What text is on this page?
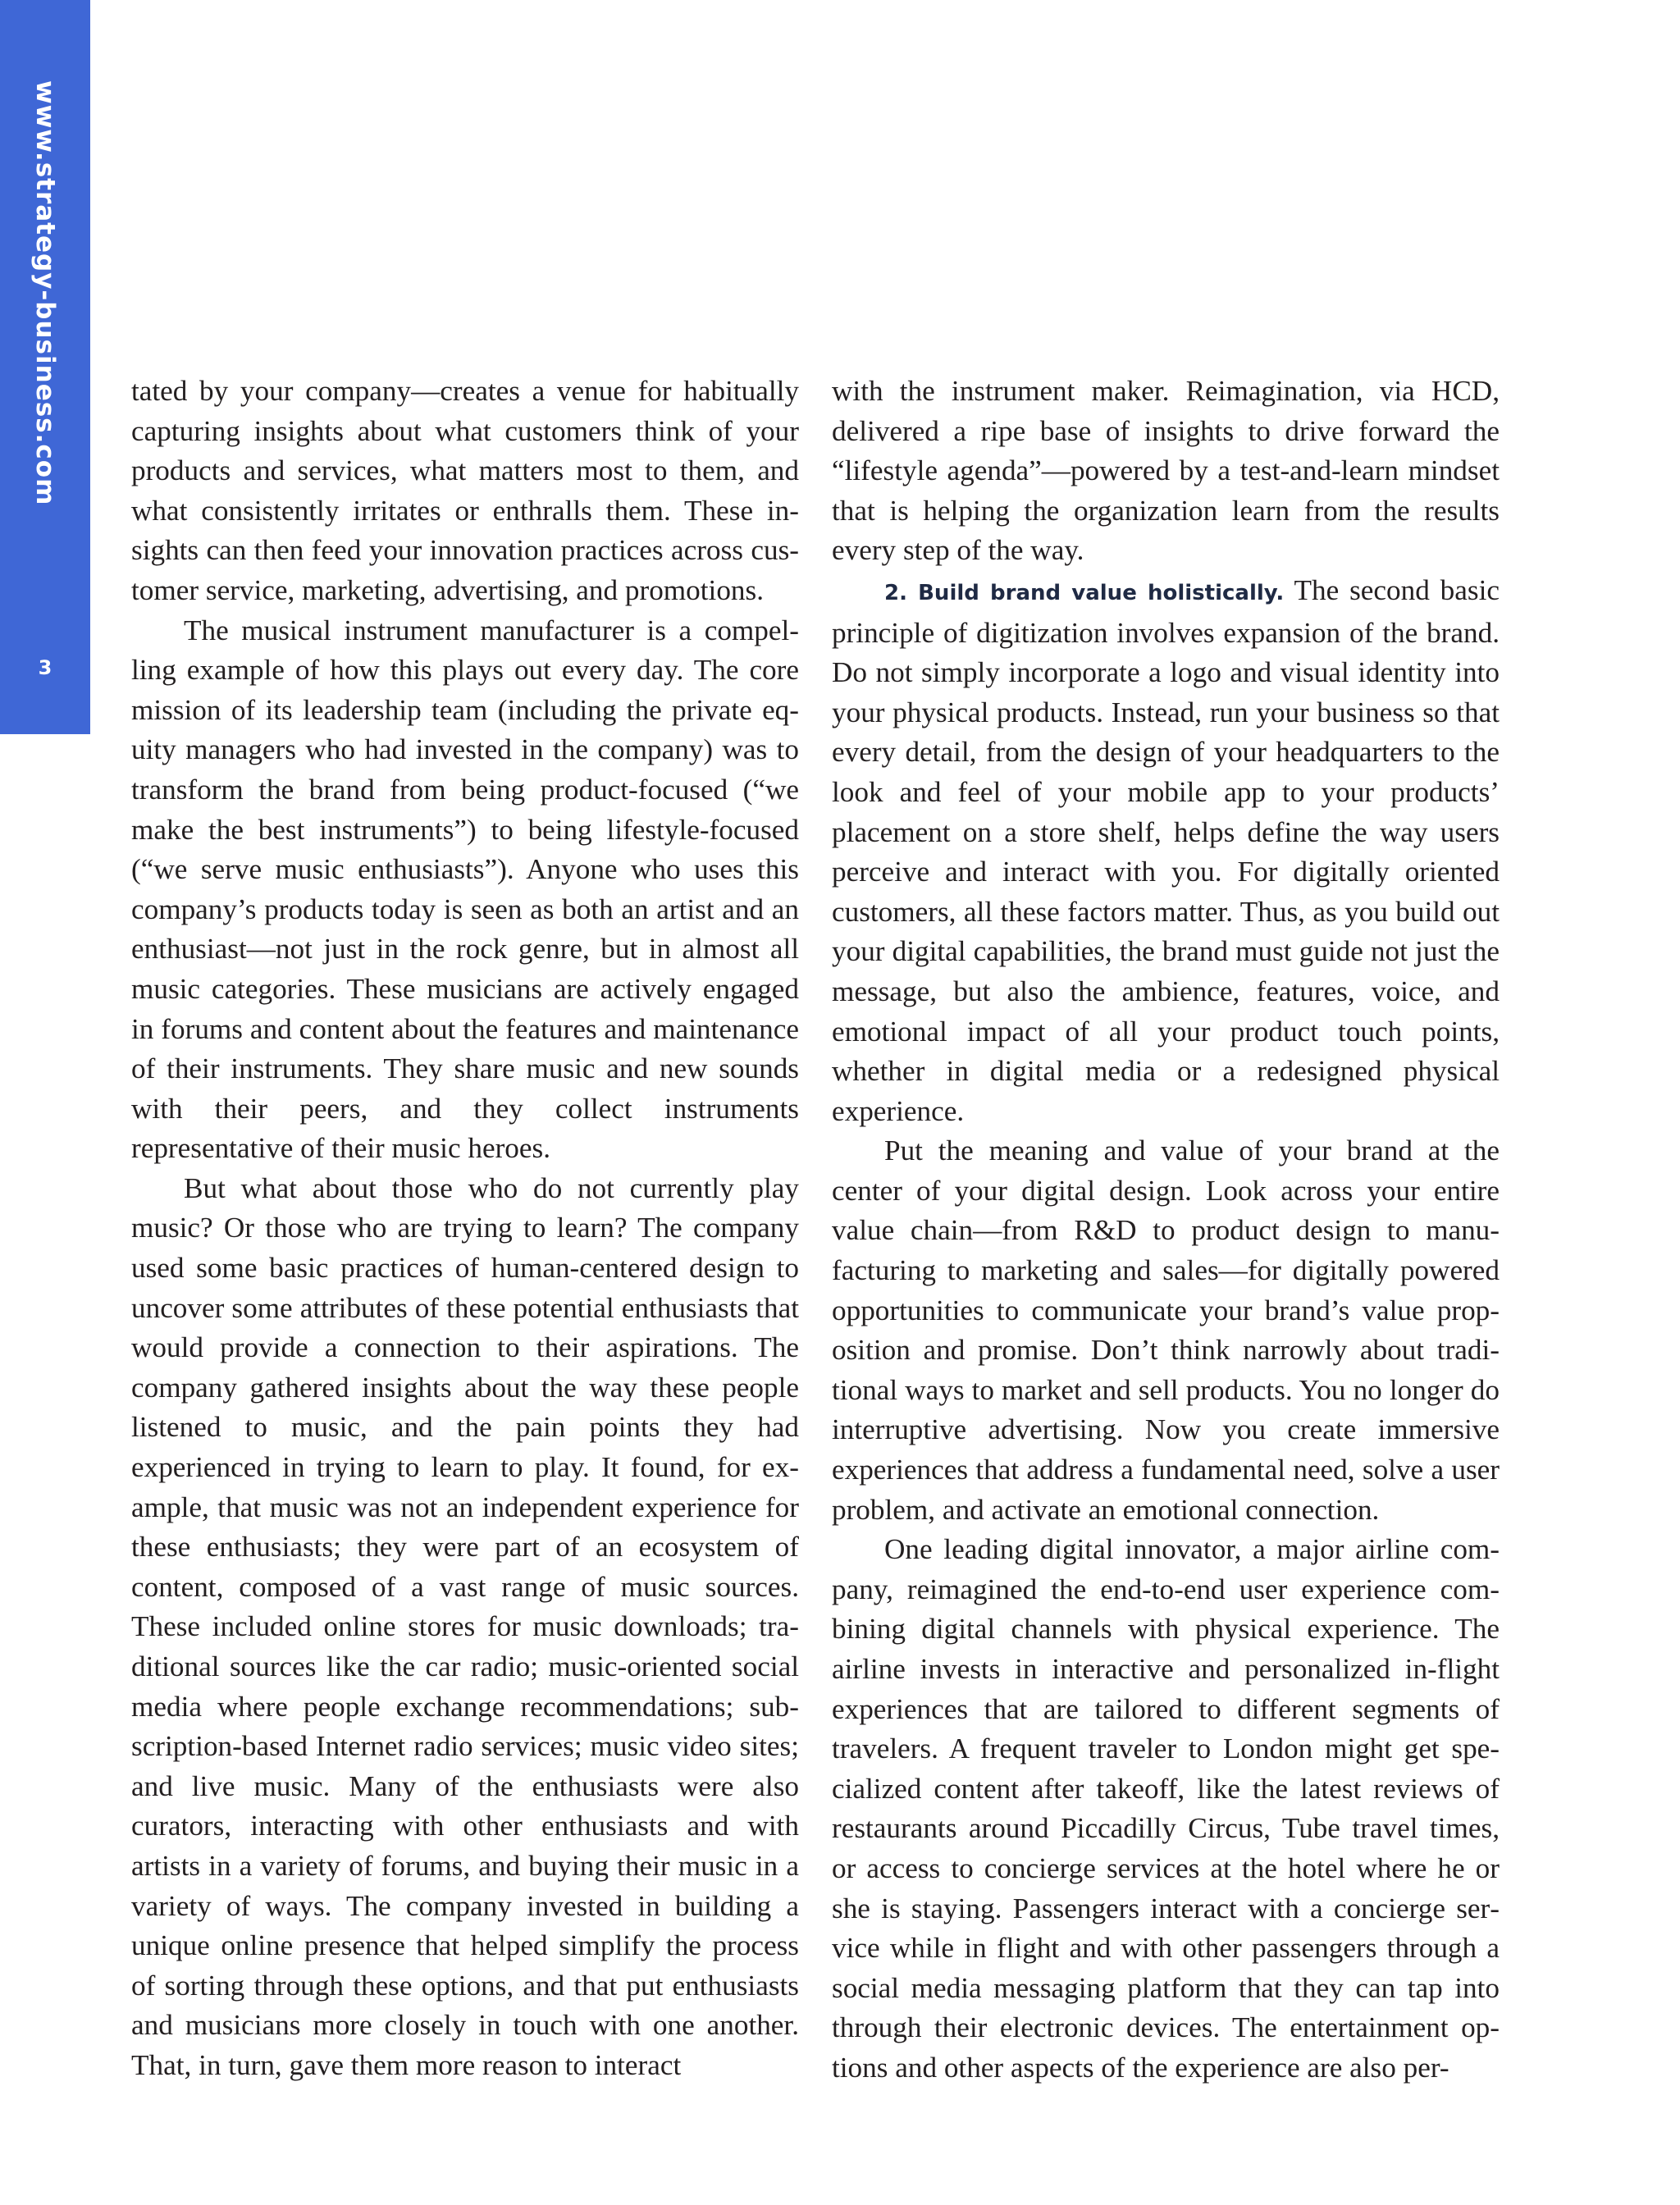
www.strategy-business.com
3

tated by your company—creates a venue for habitually capturing insights about what customers think of your products and services, what matters most to them, and what consistently irritates or enthralls them. These insights can then feed your innovation practices across customer service, marketing, advertising, and promotions.

The musical instrument manufacturer is a compelling example of how this plays out every day. The core mission of its leadership team (including the private equity managers who had invested in the company) was to transform the brand from being product-focused (“we make the best instruments”) to being lifestyle-focused (“we serve music enthusiasts”). Anyone who uses this company’s products today is seen as both an artist and an enthusiast—not just in the rock genre, but in almost all music categories. These musicians are actively engaged in forums and content about the features and maintenance of their instruments. They share music and new sounds with their peers, and they collect instruments representative of their music heroes.

But what about those who do not currently play music? Or those who are trying to learn? The company used some basic practices of human-centered design to uncover some attributes of these potential enthusiasts that would provide a connection to their aspirations. The company gathered insights about the way these people listened to music, and the pain points they had experienced in trying to learn to play. It found, for example, that music was not an independent experience for these enthusiasts; they were part of an ecosystem of content, composed of a vast range of music sources. These included online stores for music downloads; traditional sources like the car radio; music-oriented social media where people exchange recommendations; subscription-based Internet radio services; music video sites; and live music. Many of the enthusiasts were also curators, interacting with other enthusiasts and with artists in a variety of forums, and buying their music in a variety of ways. The company invested in building a unique online presence that helped simplify the process of sorting through these options, and that put enthusiasts and musicians more closely in touch with one another. That, in turn, gave them more reason to interact

with the instrument maker. Reimagination, via HCD, delivered a ripe base of insights to drive forward the “lifestyle agenda”—powered by a test-and-learn mindset that is helping the organization learn from the results every step of the way.

2. Build brand value holistically. The second basic principle of digitization involves expansion of the brand. Do not simply incorporate a logo and visual identity into your physical products. Instead, run your business so that every detail, from the design of your headquarters to the look and feel of your mobile app to your products’ placement on a store shelf, helps define the way users perceive and interact with you. For digitally oriented customers, all these factors matter. Thus, as you build out your digital capabilities, the brand must guide not just the message, but also the ambience, features, voice, and emotional impact of all your product touch points, whether in digital media or a redesigned physical experience.

Put the meaning and value of your brand at the center of your digital design. Look across your entire value chain—from R&D to product design to manufacturing to marketing and sales—for digitally powered opportunities to communicate your brand’s value proposition and promise. Don’t think narrowly about traditional ways to market and sell products. You no longer do interruptive advertising. Now you create immersive experiences that address a fundamental need, solve a user problem, and activate an emotional connection.

One leading digital innovator, a major airline company, reimagined the end-to-end user experience combining digital channels with physical experience. The airline invests in interactive and personalized in-flight experiences that are tailored to different segments of travelers. A frequent traveler to London might get specialized content after takeoff, like the latest reviews of restaurants around Piccadilly Circus, Tube travel times, or access to concierge services at the hotel where he or she is staying. Passengers interact with a concierge service while in flight and with other passengers through a social media messaging platform that they can tap into through their electronic devices. The entertainment options and other aspects of the experience are also per-
